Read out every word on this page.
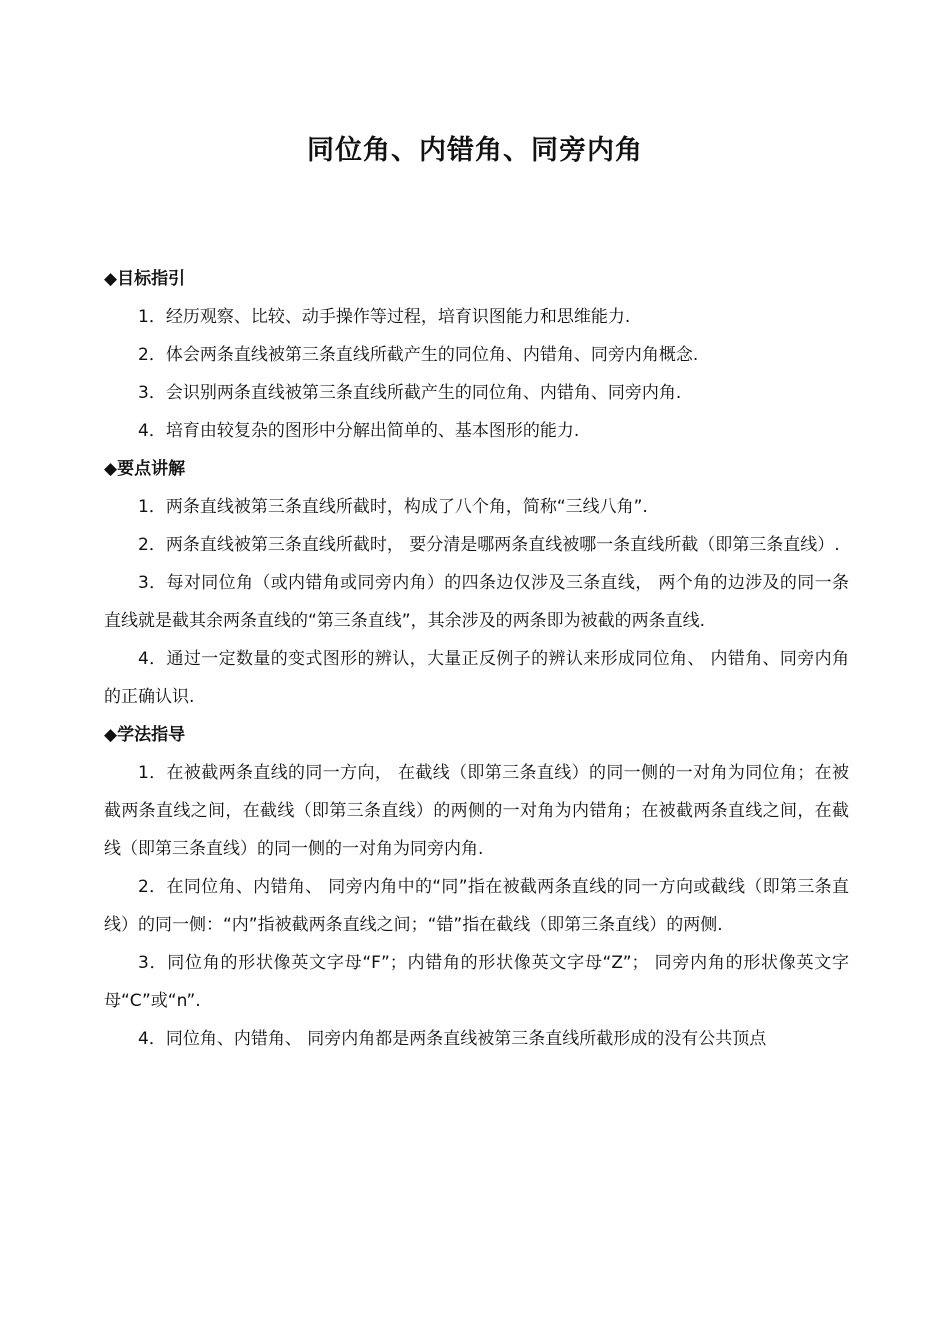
同位角、内错角、同旁内角
◆目标指引

1．经历观察、比较、动手操作等过程，培育识图能力和思维能力.

2．体会两条直线被第三条直线所截产生的同位角、内错角、同旁内角概念.

3．会识别两条直线被第三条直线所截产生的同位角、内错角、同旁内角.

4．培育由较复杂的图形中分解出简单的、基本图形的能力.

◆要点讲解

1．两条直线被第三条直线所截时，构成了八个角，简称“三线八角”.

2．两条直线被第三条直线所截时， 要分清是哪两条直线被哪一条直线所截（即第三条直线）.

3．每对同位角（或内错角或同旁内角）的四条边仅涉及三条直线， 两个角的边涉及的同一条直线就是截其余两条直线的“第三条直线”，其余涉及的两条即为被截的两条直线.

4．通过一定数量的变式图形的辨认，大量正反例子的辨认来形成同位角、 内错角、同旁内角的正确认识.

◆学法指导

1．在被截两条直线的同一方向， 在截线（即第三条直线）的同一侧的一对角为同位角；在被截两条直线之间，在截线（即第三条直线）的两侧的一对角为内错角；在被截两条直线之间，在截线（即第三条直线）的同一侧的一对角为同旁内角.

2．在同位角、内错角、 同旁内角中的“同”指在被截两条直线的同一方向或截线（即第三条直线）的同一侧：“内”指被截两条直线之间；“错”指在截线（即第三条直线）的两侧.

3．同位角的形状像英文字母“F”；内错角的形状像英文字母“Z”； 同旁内角的形状像英文字母“C”或“n”.

4．同位角、内错角、 同旁内角都是两条直线被第三条直线所截形成的没有公共顶点
